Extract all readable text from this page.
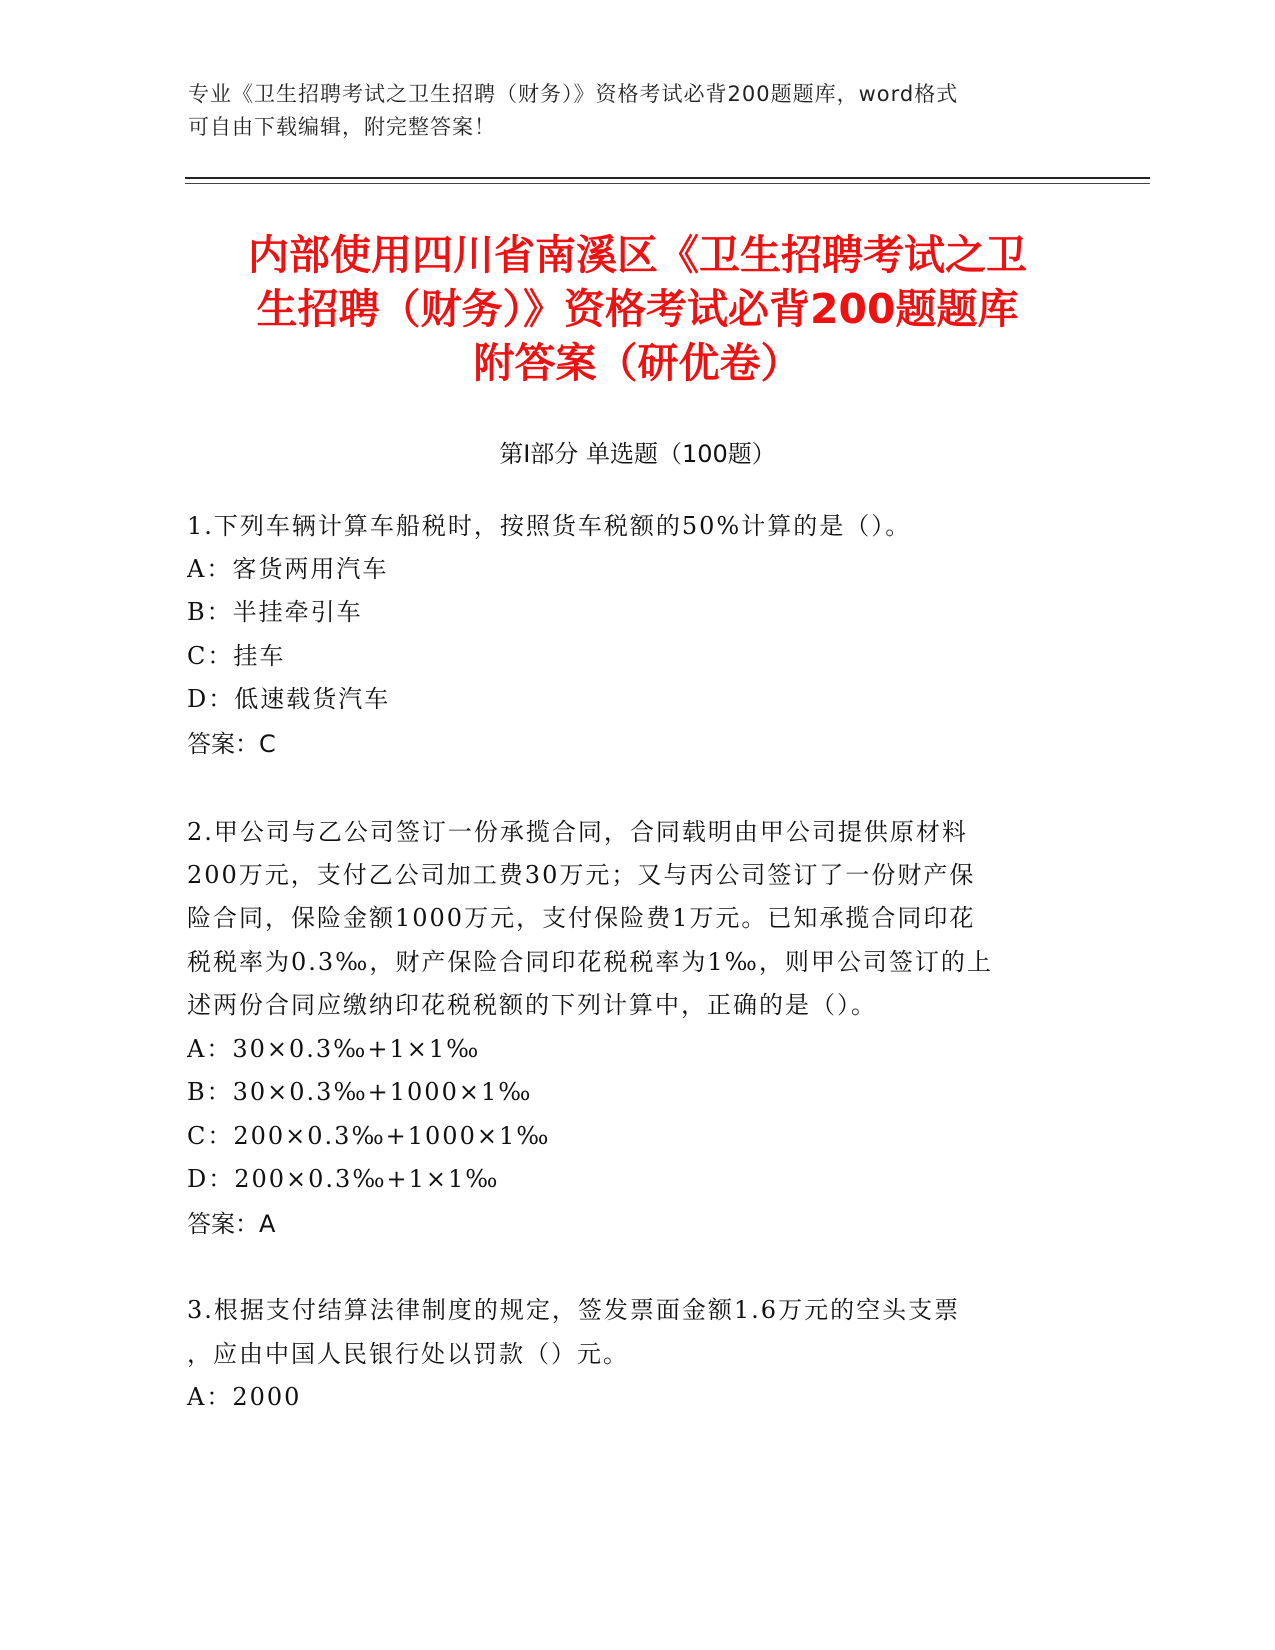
专业《卫生招聘考试之卫生招聘（财务）》资格考试必背200题题库，word格式
可自由下载编辑，附完整答案！
内部使用四川省南溪区《卫生招聘考试之卫
生招聘（财务）》资格考试必背200题题库
附答案（研优卷）
第Ⅰ部分 单选题（100题）
1.下列车辆计算车船税时，按照货车税额的50%计算的是（）。
A：客货两用汽车
B：半挂牵引车
C：挂车
D：低速载货汽车
答案：C
2.甲公司与乙公司签订一份承揽合同，合同载明由甲公司提供原材料
200万元，支付乙公司加工费30万元；又与丙公司签订了一份财产保
险合同，保险金额1000万元，支付保险费1万元。已知承揽合同印花
税税率为0.3‰，财产保险合同印花税税率为1‰，则甲公司签订的上
述两份合同应缴纳印花税税额的下列计算中，正确的是（）。
A：30×0.3‰+1×1‰
B：30×0.3‰+1000×1‰
C：200×0.3‰+1000×1‰
D：200×0.3‰+1×1‰
答案：A
3.根据支付结算法律制度的规定，签发票面金额1.6万元的空头支票
，应由中国人民银行处以罚款（）元。
A：2000
